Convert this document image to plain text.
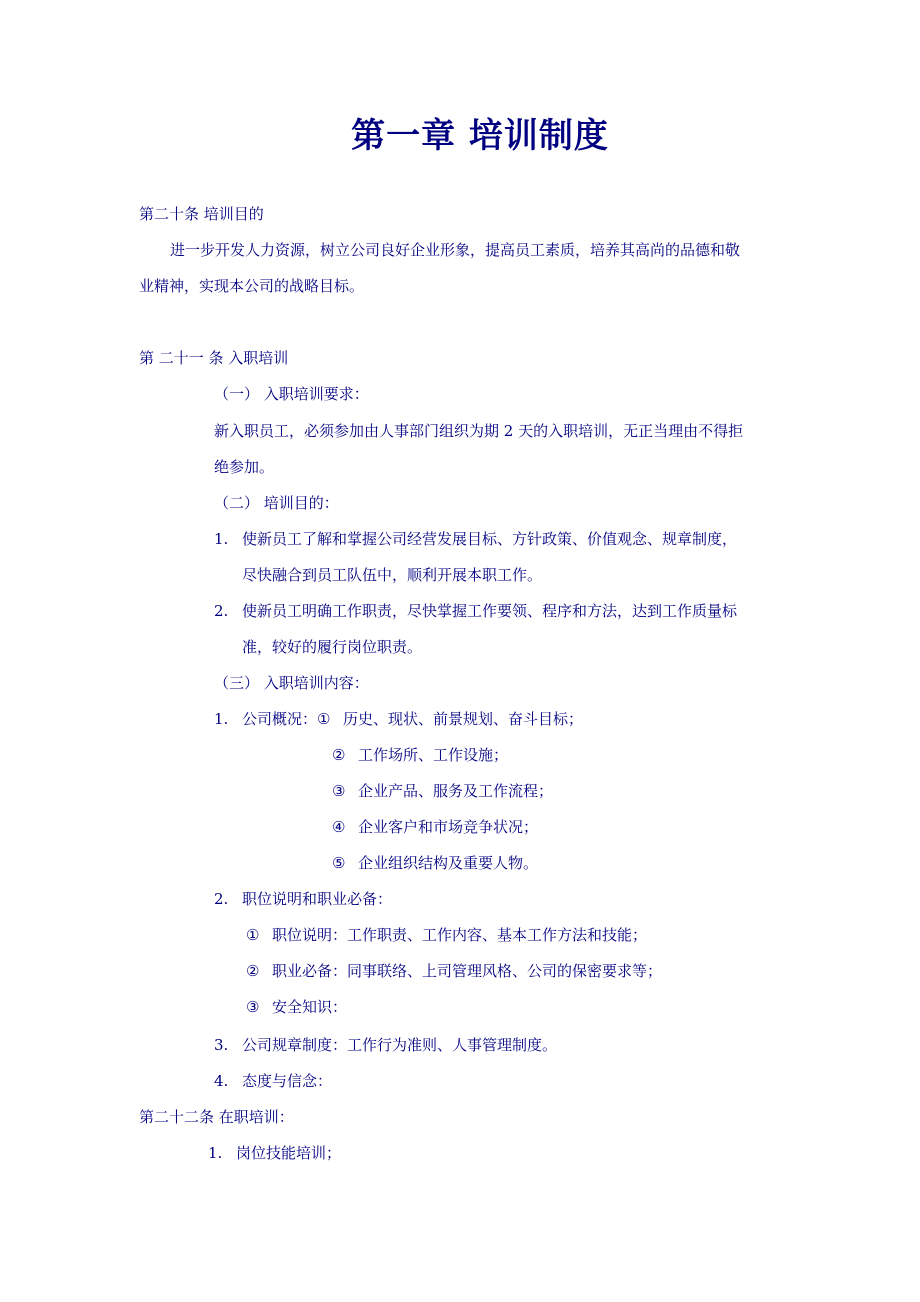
第一章 培训制度
第二十条 培训目的
进一步开发人力资源，树立公司良好企业形象，提高员工素质，培养其高尚的品德和敬
业精神，实现本公司的战略目标。
第 二十一 条 入职培训
（一） 入职培训要求：
新入职员工，必须参加由人事部门组织为期 2 天的入职培训，无正当理由不得拒
绝参加。
（二） 培训目的：
1. 使新员工了解和掌握公司经营发展目标、方针政策、价值观念、规章制度，
尽快融合到员工队伍中，顺利开展本职工作。
2. 使新员工明确工作职责，尽快掌握工作要领、程序和方法，达到工作质量标
准，较好的履行岗位职责。
（三） 入职培训内容：
1. 公司概况：① 历史、现状、前景规划、奋斗目标；
② 工作场所、工作设施；
③ 企业产品、服务及工作流程；
④ 企业客户和市场竞争状况；
⑤ 企业组织结构及重要人物。
2. 职位说明和职业必备：
① 职位说明：工作职责、工作内容、基本工作方法和技能；
② 职业必备：同事联络、上司管理风格、公司的保密要求等；
③ 安全知识：
3. 公司规章制度：工作行为准则、人事管理制度。
4. 态度与信念：
第二十二条 在职培训：
1. 岗位技能培训；
